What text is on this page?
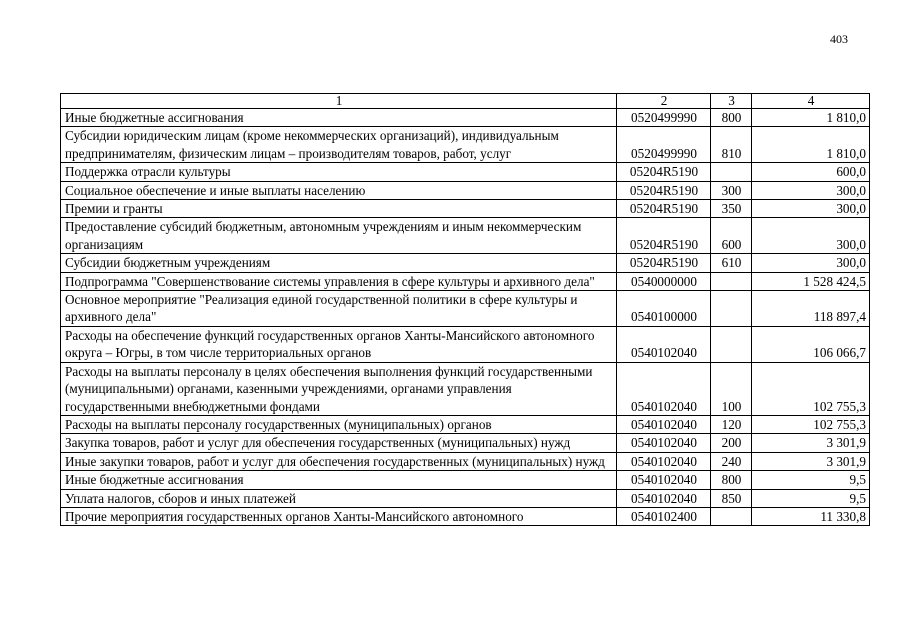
403
1	2	3	4
Иные бюджетные ассигнования	0520499990	800	1 810,0
Субсидии юридическим лицам (кроме некоммерческих организаций), индивидуальным предпринимателям, физическим лицам – производителям товаров, работ, услуг	0520499990	810	1 810,0
Поддержка отрасли культуры	05204R5190		600,0
Социальное обеспечение и иные выплаты населению	05204R5190	300	300,0
Премии и гранты	05204R5190	350	300,0
Предоставление субсидий бюджетным, автономным учреждениям и иным некоммерческим организациям	05204R5190	600	300,0
Субсидии бюджетным учреждениям	05204R5190	610	300,0
Подпрограмма "Совершенствование системы управления в сфере культуры и архивного дела"	0540000000		1 528 424,5
Основное мероприятие "Реализация единой государственной политики в сфере культуры и архивного дела"	0540100000		118 897,4
Расходы на обеспечение функций государственных органов Ханты-Мансийского автономного округа – Югры, в том числе территориальных органов	0540102040		106 066,7
Расходы на выплаты персоналу в целях обеспечения выполнения функций государственными (муниципальными) органами, казенными учреждениями, органами управления государственными внебюджетными фондами	0540102040	100	102 755,3
Расходы на выплаты персоналу государственных (муниципальных) органов	0540102040	120	102 755,3
Закупка товаров, работ и услуг для обеспечения государственных (муниципальных) нужд	0540102040	200	3 301,9
Иные закупки товаров, работ и услуг для обеспечения государственных (муниципальных) нужд	0540102040	240	3 301,9
Иные бюджетные ассигнования	0540102040	800	9,5
Уплата налогов, сборов и иных платежей	0540102040	850	9,5
Прочие мероприятия государственных органов Ханты-Мансийского автономного	0540102400		11 330,8
